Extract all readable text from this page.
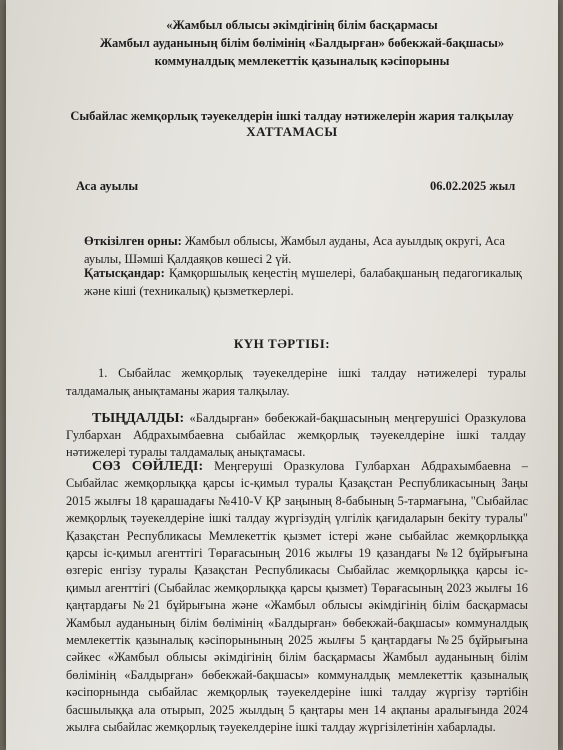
«Жамбыл облысы әкімдігінің білім басқармасы
Жамбыл ауданының білім бөлімінің «Балдырған» бөбекжай-бақшасы»
коммуналдық мемлекеттік қазыналық кәсіпорыны
Сыбайлас жемқорлық тәуекелдерін ішкі талдау нәтижелерін жария талқылау
ХАТТАМАСЫ
Аса ауылы	06.02.2025 жыл
Өткізілген орны: Жамбыл облысы, Жамбыл ауданы, Аса ауылдық округі, Аса ауылы, Шәмші Қалдаяқов көшесі 2 үй.
Қатысқандар: Қамқоршылық кеңестің мүшелері, балабақшаның педагогикалық және кіші (техникалық) қызметкерлері.
КҮН ТӘРТІБІ:
1. Сыбайлас жемқорлық тәуекелдеріне ішкі талдау нәтижелері туралы талдамалық анықтаманы жария талқылау.
ТЫҢДАЛДЫ: «Балдырған» бөбекжай-бақшасының меңгерушісі Оразкулова Гулбархан Абдрахымбаевна сыбайлас жемқорлық тәуекелдеріне ішкі талдау нәтижелері туралы талдамалық анықтамасы.
СӨЗ СӨЙЛЕДІ: Меңгеруші Оразкулова Гулбархан Абдрахымбаевна – Сыбайлас жемқорлыққа қарсы іс-қимыл туралы Қазақстан Республикасының Заңы 2015 жылғы 18 қарашадағы №410-V ҚР заңының 8-бабының 5-тармағына, "Сыбайлас жемқорлық тәуекелдеріне ішкі талдау жүргізудің үлгілік қағидаларын бекіту туралы" Қазақстан Республикасы Мемлекеттік қызмет істері және сыбайлас жемқорлыққа қарсы іс-қимыл агенттігі Төрағасының 2016 жылғы 19 қазандағы №12 бұйрығына өзгеріс енгізу туралы Қазақстан Республикасы Сыбайлас жемқорлыққа қарсы іс-қимыл агенттігі (Сыбайлас жемқорлыққа қарсы қызмет) Төрағасының 2023 жылғы 16 қаңтардағы №21 бұйрығына және «Жамбыл облысы әкімдігінің білім басқармасы Жамбыл ауданының білім бөлімінің «Балдырған» бөбекжай-бақшасы» коммуналдық мемлекеттік қазыналық кәсіпорынының 2025 жылғы 5 қаңтардағы №25 бұйрығына сәйкес «Жамбыл облысы әкімдігінің білім басқармасы Жамбыл ауданының білім бөлімінің «Балдырған» бөбекжай-бақшасы» коммуналдық мемлекеттік қазыналық кәсіпорнында сыбайлас жемқорлық тәуекелдеріне ішкі талдау жүргізу тәртібін басшылыққа ала отырып, 2025 жылдың 5 қаңтары мен 14 ақпаны аралығында 2024 жылға сыбайлас жемқорлық тәуекелдеріне ішкі талдау жүргізілетінін хабарлады.
